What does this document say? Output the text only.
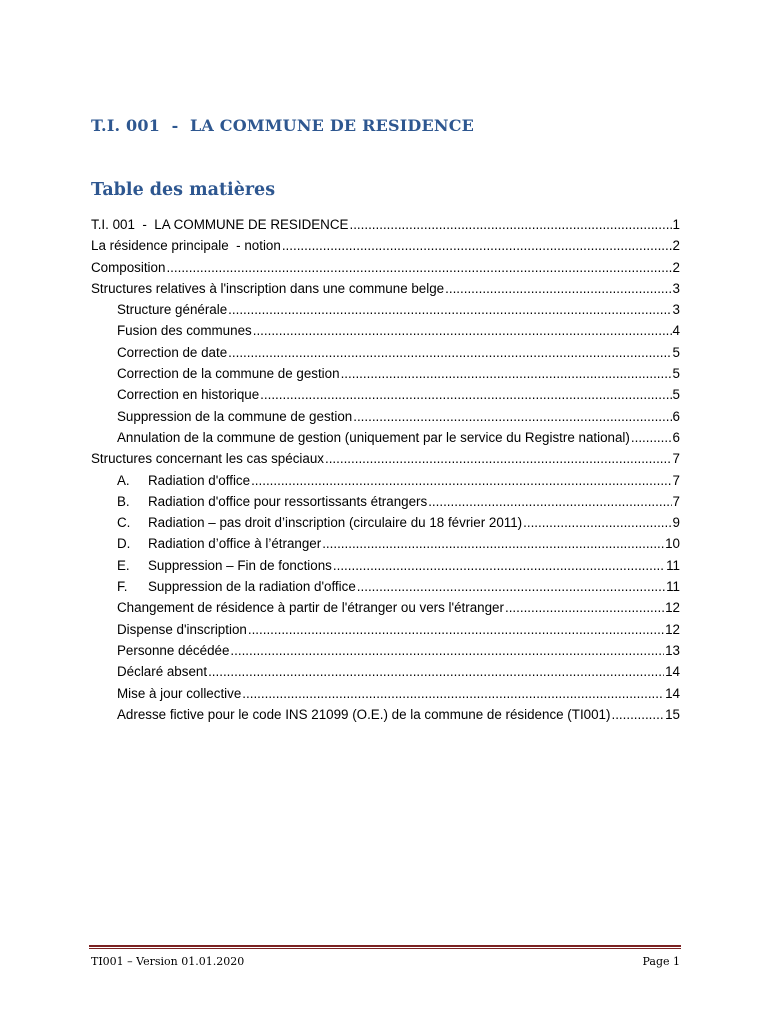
T.I. 001  -  LA COMMUNE DE RESIDENCE
Table des matières
T.I. 001  -  LA COMMUNE DE RESIDENCE .....	1
La résidence principale  - notion .....	2
Composition .....	2
Structures relatives à l'inscription dans une commune belge .....	3
Structure générale .....	3
Fusion des communes .....	4
Correction de date .....	5
Correction de la commune de gestion .....	5
Correction en historique .....	5
Suppression de la commune de gestion .....	6
Annulation de la commune de gestion (uniquement par le service du Registre national) .....	6
Structures concernant les cas spéciaux .....	7
A.	Radiation d'office .....	7
B.	Radiation d'office pour ressortissants étrangers .....	7
C.	Radiation – pas droit d’inscription (circulaire du 18 février 2011) .....	9
D.	Radiation d’office à l’étranger .....	10
E.	Suppression – Fin de fonctions .....	11
F.	Suppression de la radiation d'office .....	11
Changement de résidence à partir de l'étranger ou vers l'étranger .....	12
Dispense d'inscription .....	12
Personne décédée .....	13
Déclaré absent .....	14
Mise à jour collective .....	14
Adresse fictive pour le code INS 21099 (O.E.) de la commune de résidence (TI001) .....	15
TI001 – Version 01.01.2020	Page 1
